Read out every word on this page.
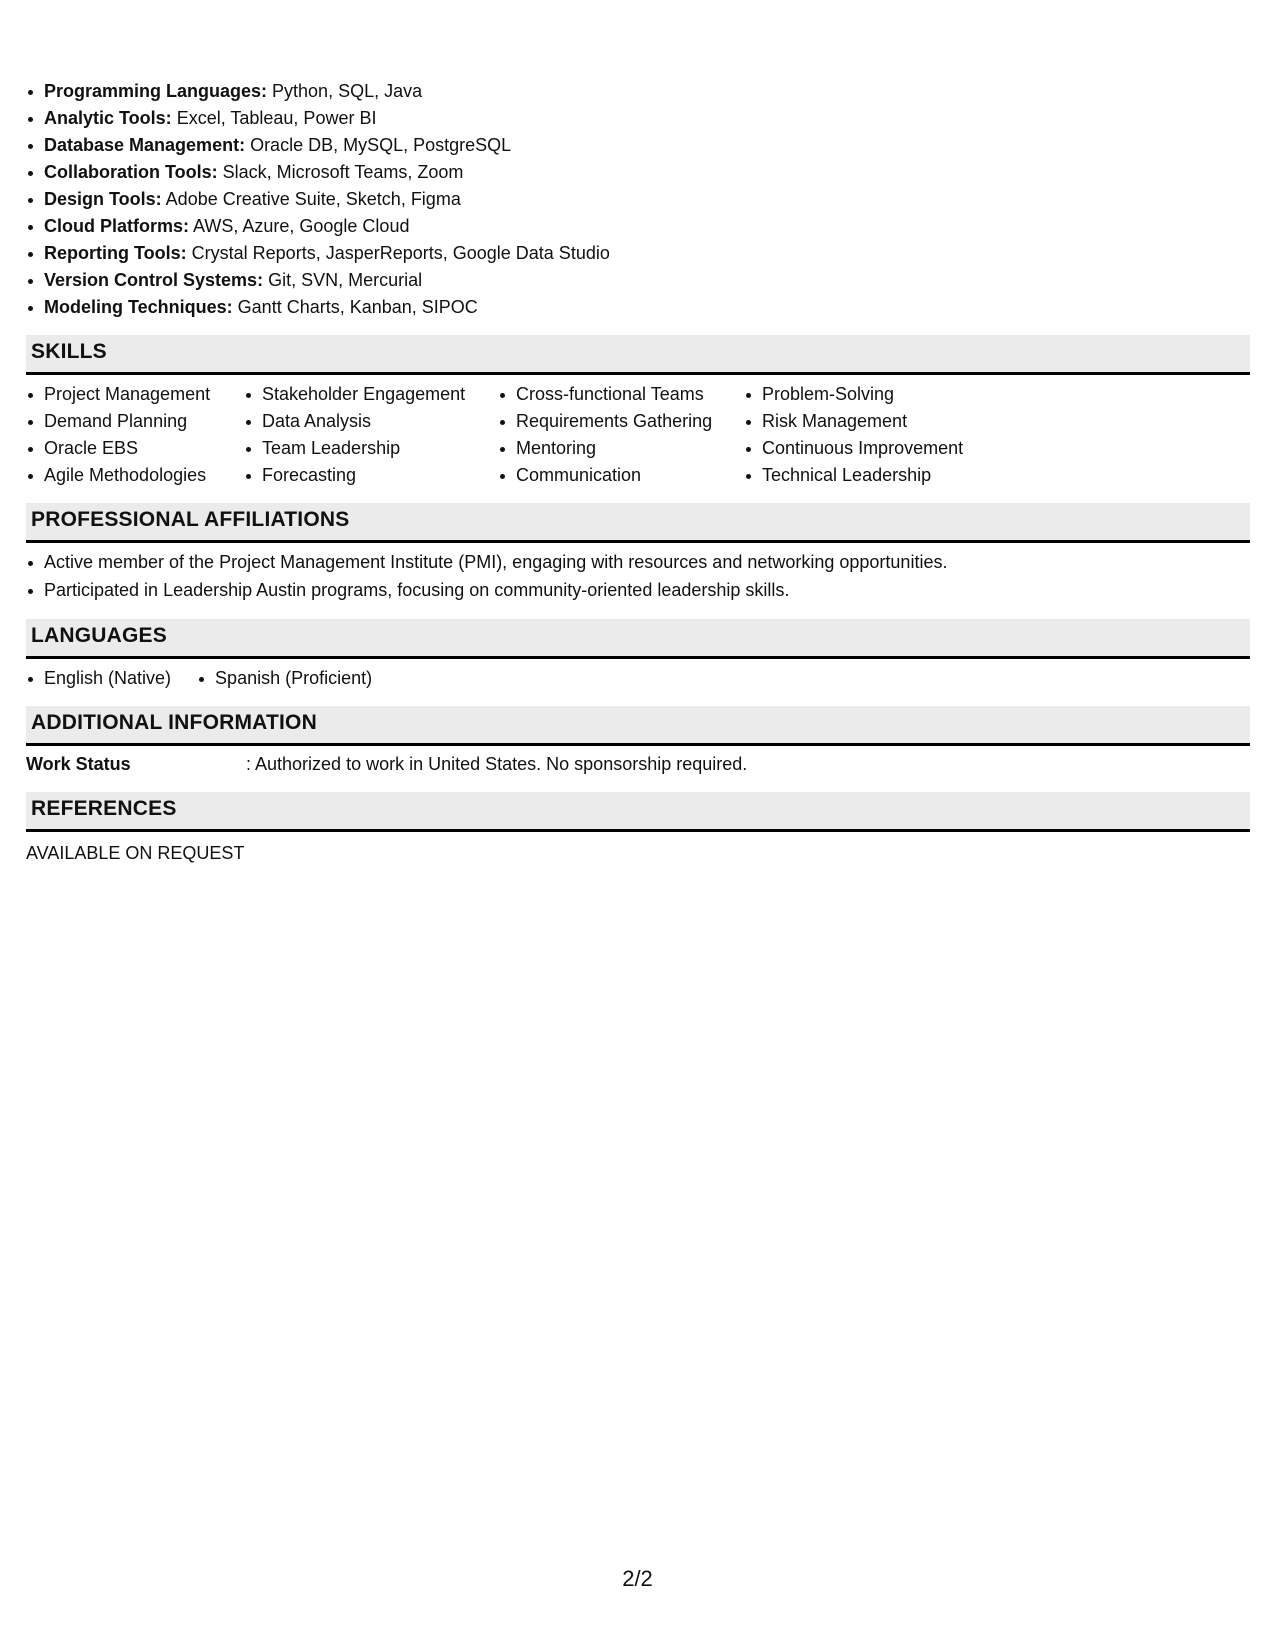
Programming Languages: Python, SQL, Java
Analytic Tools: Excel, Tableau, Power BI
Database Management: Oracle DB, MySQL, PostgreSQL
Collaboration Tools: Slack, Microsoft Teams, Zoom
Design Tools: Adobe Creative Suite, Sketch, Figma
Cloud Platforms: AWS, Azure, Google Cloud
Reporting Tools: Crystal Reports, JasperReports, Google Data Studio
Version Control Systems: Git, SVN, Mercurial
Modeling Techniques: Gantt Charts, Kanban, SIPOC
SKILLS
Project Management
Demand Planning
Oracle EBS
Agile Methodologies
Stakeholder Engagement
Data Analysis
Team Leadership
Forecasting
Cross-functional Teams
Requirements Gathering
Mentoring
Communication
Problem-Solving
Risk Management
Continuous Improvement
Technical Leadership
PROFESSIONAL AFFILIATIONS
Active member of the Project Management Institute (PMI), engaging with resources and networking opportunities.
Participated in Leadership Austin programs, focusing on community-oriented leadership skills.
LANGUAGES
English (Native)	Spanish (Proficient)
ADDITIONAL INFORMATION
Work Status	: Authorized to work in United States. No sponsorship required.
REFERENCES
AVAILABLE ON REQUEST
2/2
